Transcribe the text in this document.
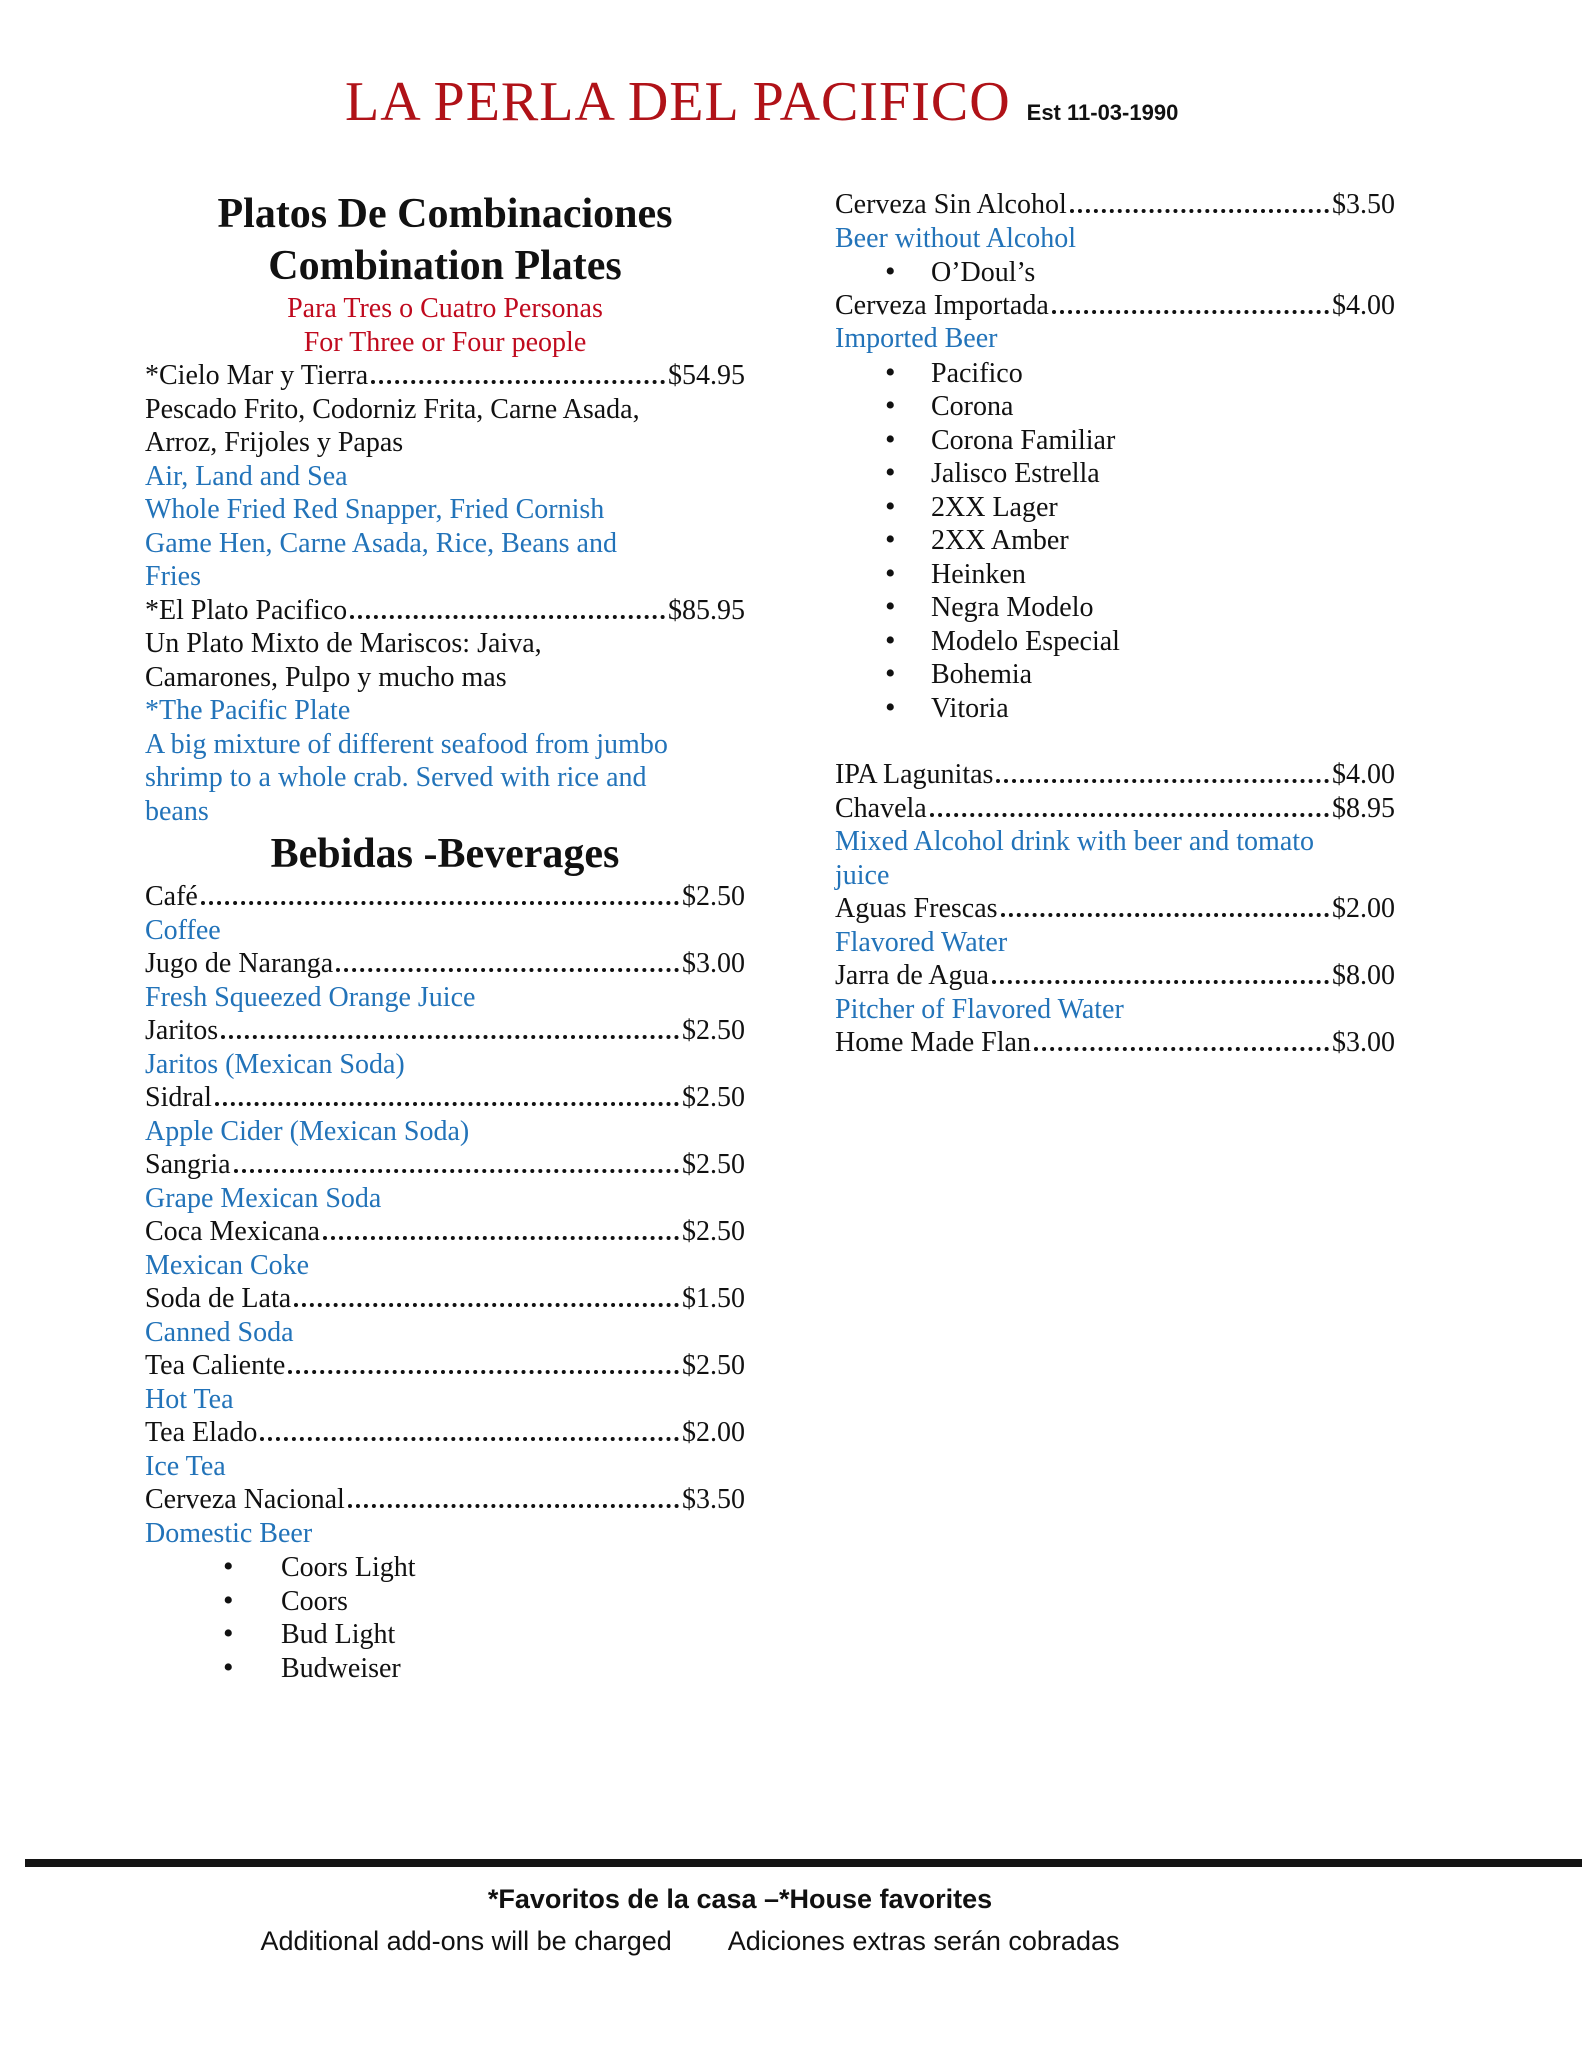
LA PERLA DEL PACIFICO Est 11-03-1990
Platos De Combinaciones
Combination Plates
Para Tres o Cuatro Personas
For Three or Four people
*Cielo Mar y Tierra	$54.95
Pescado Frito, Codorniz Frita, Carne Asada,
Arroz, Frijoles y Papas
Air, Land and Sea
Whole Fried Red Snapper, Fried Cornish
Game Hen, Carne Asada, Rice, Beans and
Fries
*El Plato Pacifico	$85.95
Un Plato Mixto de Mariscos: Jaiva,
Camarones, Pulpo y mucho mas
*The Pacific Plate
A big mixture of different seafood from jumbo
shrimp to a whole crab. Served with rice and
beans
Bebidas -Beverages
Café	$2.50
Coffee
Jugo de Naranga	$3.00
Fresh Squeezed Orange Juice
Jaritos	$2.50
Jaritos (Mexican Soda)
Sidral	$2.50
Apple Cider (Mexican Soda)
Sangria	$2.50
Grape Mexican Soda
Coca Mexicana	$2.50
Mexican Coke
Soda de Lata	$1.50
Canned Soda
Tea Caliente	$2.50
Hot Tea
Tea Elado	$2.00
Ice Tea
Cerveza Nacional	$3.50
Domestic Beer
•
Coors Light
•
Coors
•
Bud Light
•
Budweiser
Cerveza Sin Alcohol	$3.50
Beer without Alcohol
•
O’Doul’s
Cerveza Importada	$4.00
Imported Beer
•
Pacifico
•
Corona
•
Corona Familiar
•
Jalisco Estrella
•
2XX Lager
•
2XX Amber
•
Heinken
•
Negra Modelo
•
Modelo Especial
•
Bohemia
•
Vitoria
IPA Lagunitas	$4.00
Chavela	$8.95
Mixed Alcohol drink with beer and tomato
juice
Aguas Frescas	$2.00
Flavored Water
Jarra de Agua	$8.00
Pitcher of Flavored Water
Home Made Flan	$3.00
*Favoritos de la casa –*House favorites
Additional add-ons will be charged Adiciones extras serán cobradas
